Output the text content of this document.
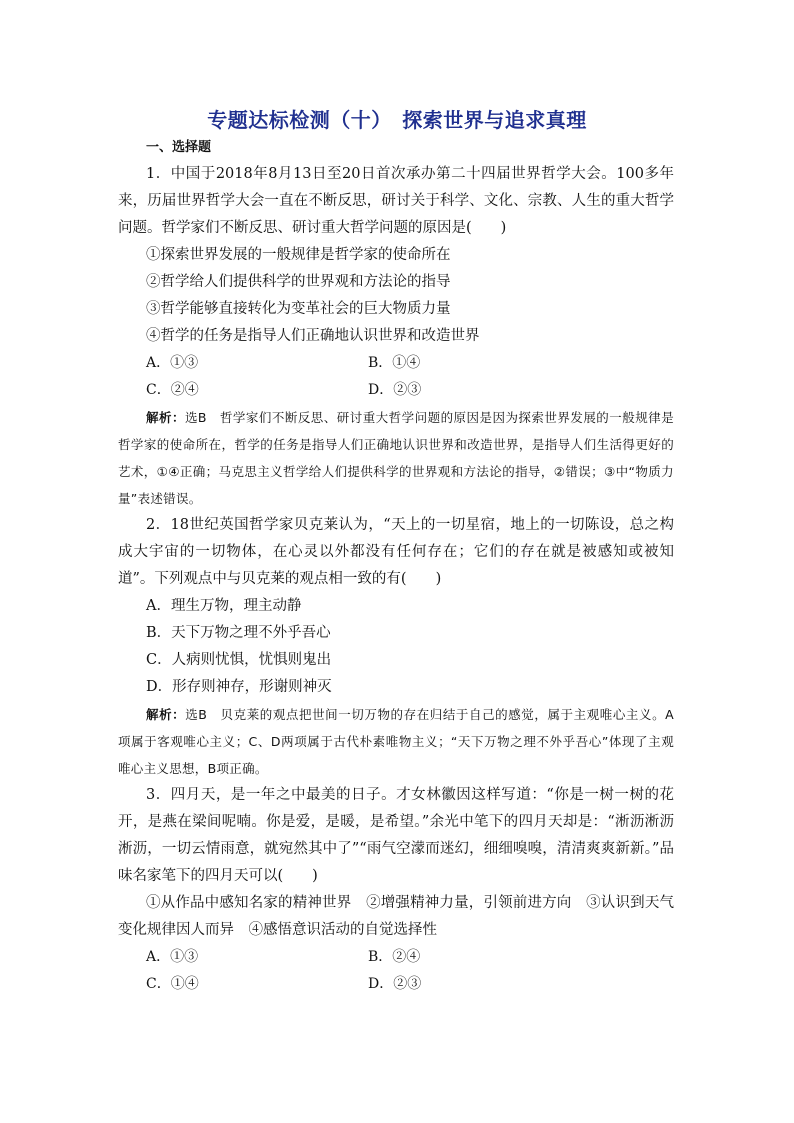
专题达标检测（十）　探索世界与追求真理
一、选择题

1．中国于2018年8月13日至20日首次承办第二十四届世界哲学大会。100多年来，历届世界哲学大会一直在不断反思，研讨关于科学、文化、宗教、人生的重大哲学问题。哲学家们不断反思、研讨重大哲学问题的原因是(　　)

①探索世界发展的一般规律是哲学家的使命所在

②哲学给人们提供科学的世界观和方法论的指导

③哲学能够直接转化为变革社会的巨大物质力量

④哲学的任务是指导人们正确地认识世界和改造世界

A．①③	B．①④
C．②④	D．②③

解析：选B　哲学家们不断反思、研讨重大哲学问题的原因是因为探索世界发展的一般规律是哲学家的使命所在，哲学的任务是指导人们正确地认识世界和改造世界，是指导人们生活得更好的艺术，①④正确；马克思主义哲学给人们提供科学的世界观和方法论的指导，②错误；③中“物质力量”表述错误。

2．18世纪英国哲学家贝克莱认为，“天上的一切星宿，地上的一切陈设，总之构成大宇宙的一切物体，在心灵以外都没有任何存在；它们的存在就是被感知或被知道”。下列观点中与贝克莱的观点相一致的有(　　)

A．理生万物，理主动静

B．天下万物之理不外乎吾心

C．人病则忧惧，忧惧则鬼出

D．形存则神存，形谢则神灭

解析：选B　贝克莱的观点把世间一切万物的存在归结于自己的感觉，属于主观唯心主义。A项属于客观唯心主义；C、D两项属于古代朴素唯物主义；“天下万物之理不外乎吾心”体现了主观唯心主义思想，B项正确。

3．四月天，是一年之中最美的日子。才女林徽因这样写道：“你是一树一树的花开，是燕在梁间呢喃。你是爱，是暖，是希望。”余光中笔下的四月天却是：“淅沥淅沥淅沥，一切云情雨意，就宛然其中了”“雨气空濛而迷幻，细细嗅嗅，清清爽爽新新。”品味名家笔下的四月天可以(　　)

①从作品中感知名家的精神世界　②增强精神力量，引领前进方向　③认识到天气变化规律因人而异　④感悟意识活动的自觉选择性

A．①③	B．②④
C．①④	D．②③
